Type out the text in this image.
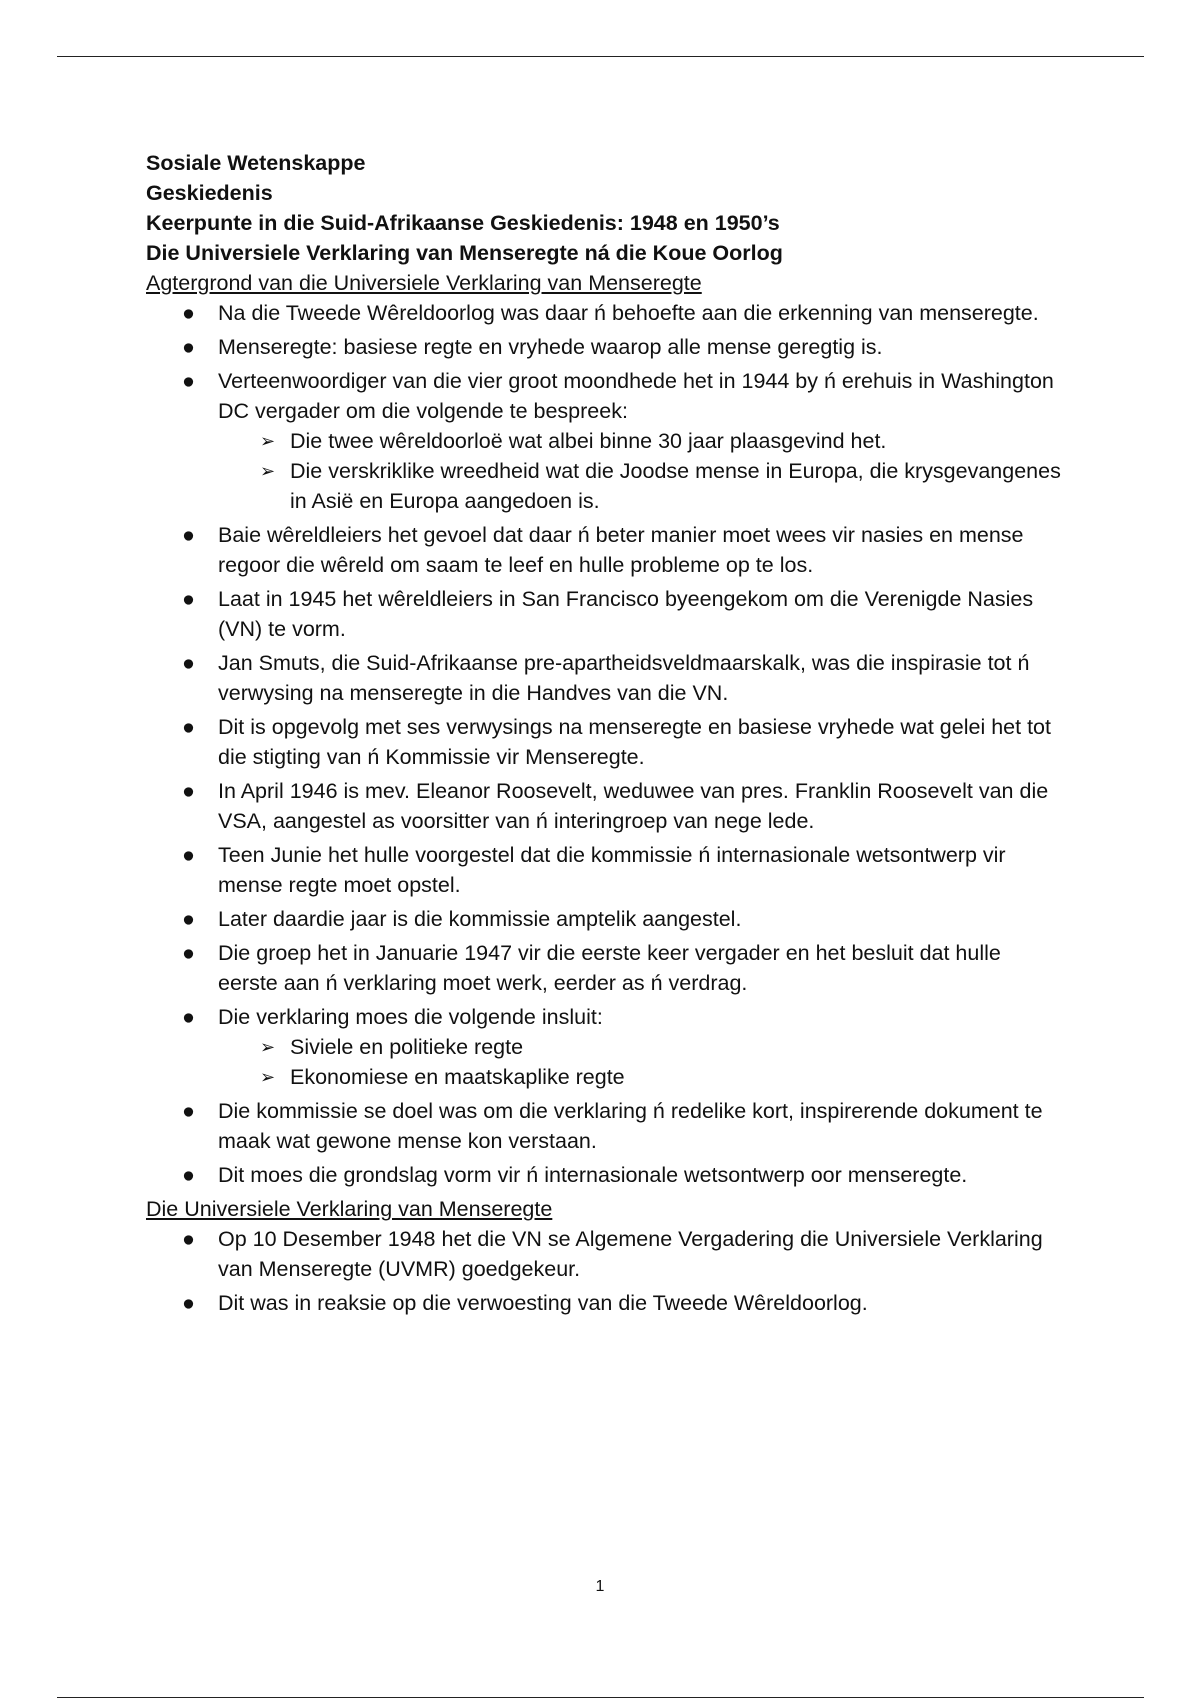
Sosiale Wetenskappe

Geskiedenis

Keerpunte in die Suid-Afrikaanse Geskiedenis: 1948 en 1950’s

Die Universiele Verklaring van Menseregte ná die Koue Oorlog

Agtergrond van die Universiele Verklaring van Menseregte

● Na die Tweede Wêreldoorlog was daar ń behoefte aan die erkenning van menseregte.
● Menseregte: basiese regte en vryhede waarop alle mense geregtig is.
● Verteenwoordiger van die vier groot moondhede het in 1944 by ń erehuis in Washington DC vergader om die volgende te bespreek:
➢ Die twee wêreldoorloë wat albei binne 30 jaar plaasgevind het.
➢ Die verskriklike wreedheid wat die Joodse mense in Europa, die krysgevangenes in Asië en Europa aangedoen is.
● Baie wêreldleiers het gevoel dat daar ń beter manier moet wees vir nasies en mense regoor die wêreld om saam te leef en hulle probleme op te los.
● Laat in 1945 het wêreldleiers in San Francisco byeengekom om die Verenigde Nasies (VN) te vorm.
● Jan Smuts, die Suid-Afrikaanse pre-apartheidsveldmaarskalk, was die inspirasie tot ń verwysing na menseregte in die Handves van die VN.
● Dit is opgevolg met ses verwysings na menseregte en basiese vryhede wat gelei het tot die stigting van ń Kommissie vir Menseregte.
● In April 1946 is mev. Eleanor Roosevelt, weduwee van pres. Franklin Roosevelt van die VSA, aangestel as voorsitter van ń interingroep van nege lede.
● Teen Junie het hulle voorgestel dat die kommissie ń internasionale wetsontwerp vir mense regte moet opstel.
● Later daardie jaar is die kommissie amptelik aangestel.
● Die groep het in Januarie 1947 vir die eerste keer vergader en het besluit dat hulle eerste aan ń verklaring moet werk, eerder as ń verdrag.
● Die verklaring moes die volgende insluit:
➢ Siviele en politieke regte
➢ Ekonomiese en maatskaplike regte
● Die kommissie se doel was om die verklaring ń redelike kort, inspirerende dokument te maak wat gewone mense kon verstaan.
● Dit moes die grondslag vorm vir ń internasionale wetsontwerp oor menseregte.

Die Universiele Verklaring van Menseregte

● Op 10 Desember 1948 het die VN se Algemene Vergadering die Universiele Verklaring van Menseregte (UVMR) goedgekeur.
● Dit was in reaksie op die verwoesting van die Tweede Wêreldoorlog.
1
